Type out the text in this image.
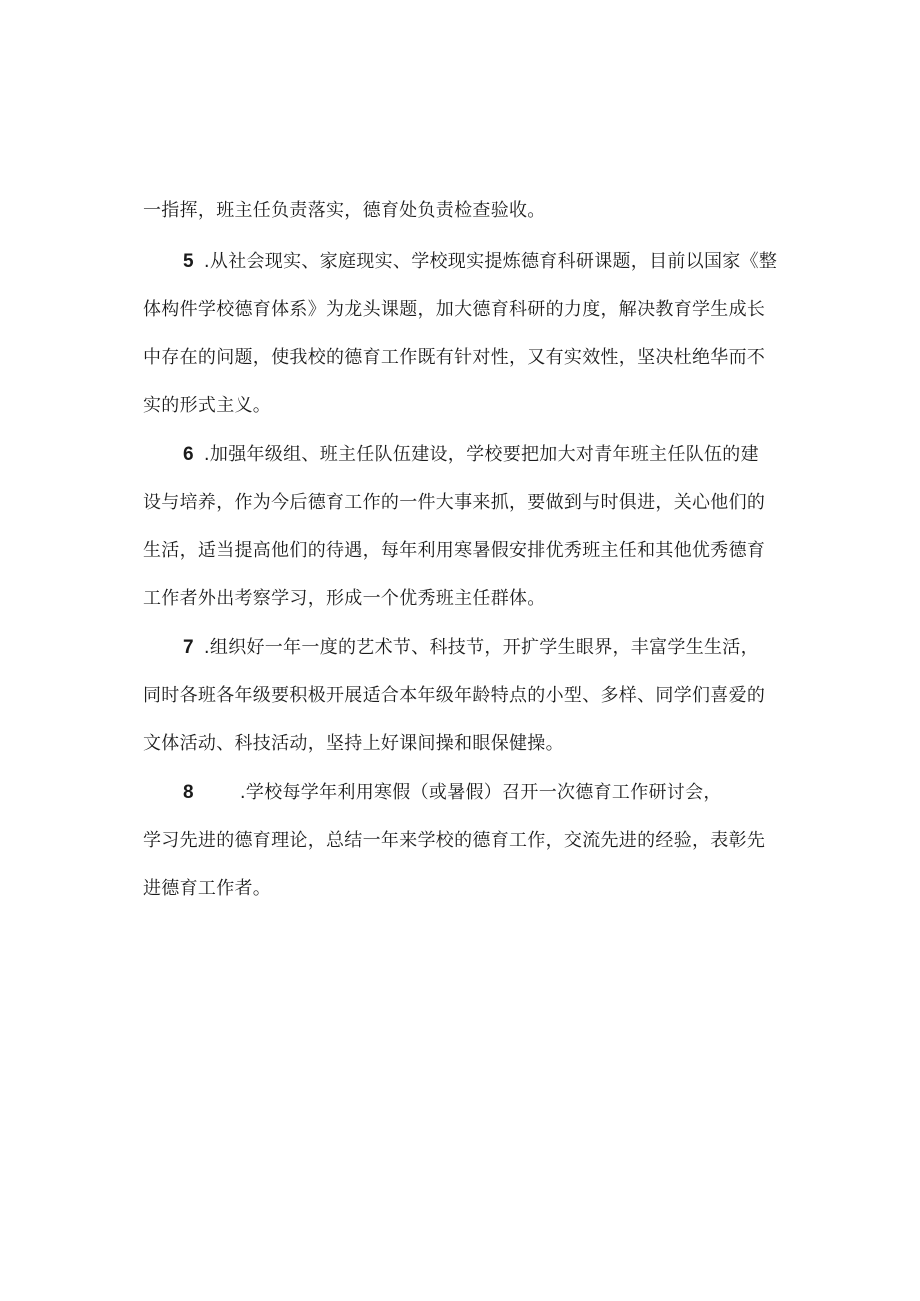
一指挥，班主任负责落实，德育处负责检查验收。
5 .从社会现实、家庭现实、学校现实提炼德育科研课题，目前以国家《整
体构件学校德育体系》为龙头课题，加大德育科研的力度，解决教育学生成长
中存在的问题，使我校的德育工作既有针对性，又有实效性，坚决杜绝华而不
实的形式主义。
6 .加强年级组、班主任队伍建设，学校要把加大对青年班主任队伍的建
设与培养，作为今后德育工作的一件大事来抓，要做到与时俱进，关心他们的
生活，适当提高他们的待遇，每年利用寒暑假安排优秀班主任和其他优秀德育
工作者外出考察学习，形成一个优秀班主任群体。
7 .组织好一年一度的艺术节、科技节，开扩学生眼界，丰富学生生活，
同时各班各年级要积极开展适合本年级年龄特点的小型、多样、同学们喜爱的
文体活动、科技活动，坚持上好课间操和眼保健操。
8	.学校每学年利用寒假（或暑假）召开一次德育工作研讨会，
学习先进的德育理论，总结一年来学校的德育工作，交流先进的经验，表彰先
进德育工作者。
